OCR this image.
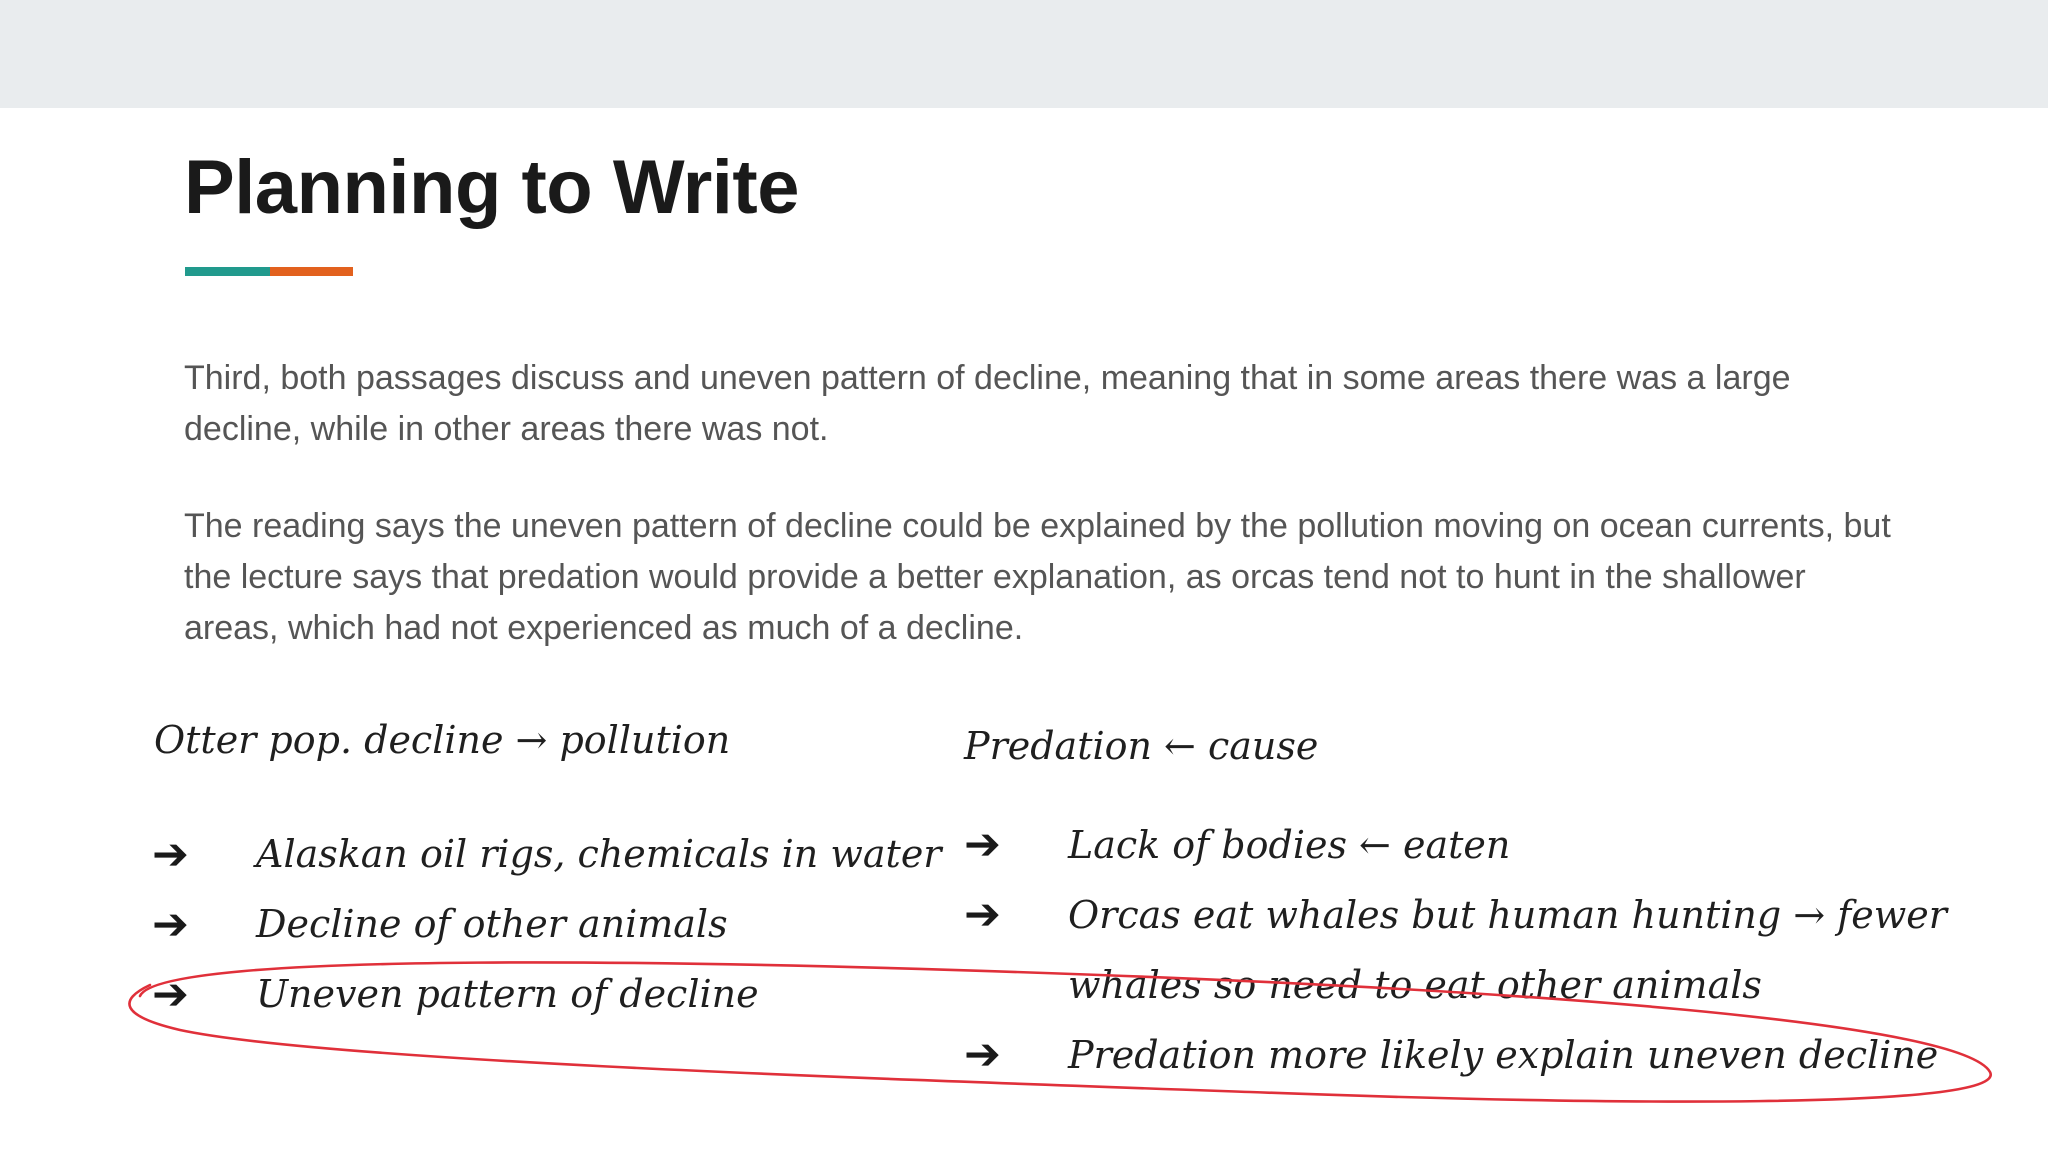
Planning to Write

Third, both passages discuss and uneven pattern of decline, meaning that in some areas there was a large decline, while in other areas there was not.

The reading says the uneven pattern of decline could be explained by the pollution moving on ocean currents, but the lecture says that predation would provide a better explanation, as orcas tend not to hunt in the shallower areas, which had not experienced as much of a decline.

Otter pop. decline → pollution
➔ Alaskan oil rigs, chemicals in water
➔ Decline of other animals
➔ Uneven pattern of decline
Predation ← cause
➔ Lack of bodies ← eaten
➔ Orcas eat whales but human hunting → fewer
whales so need to eat other animals
➔ Predation more likely explain uneven decline
